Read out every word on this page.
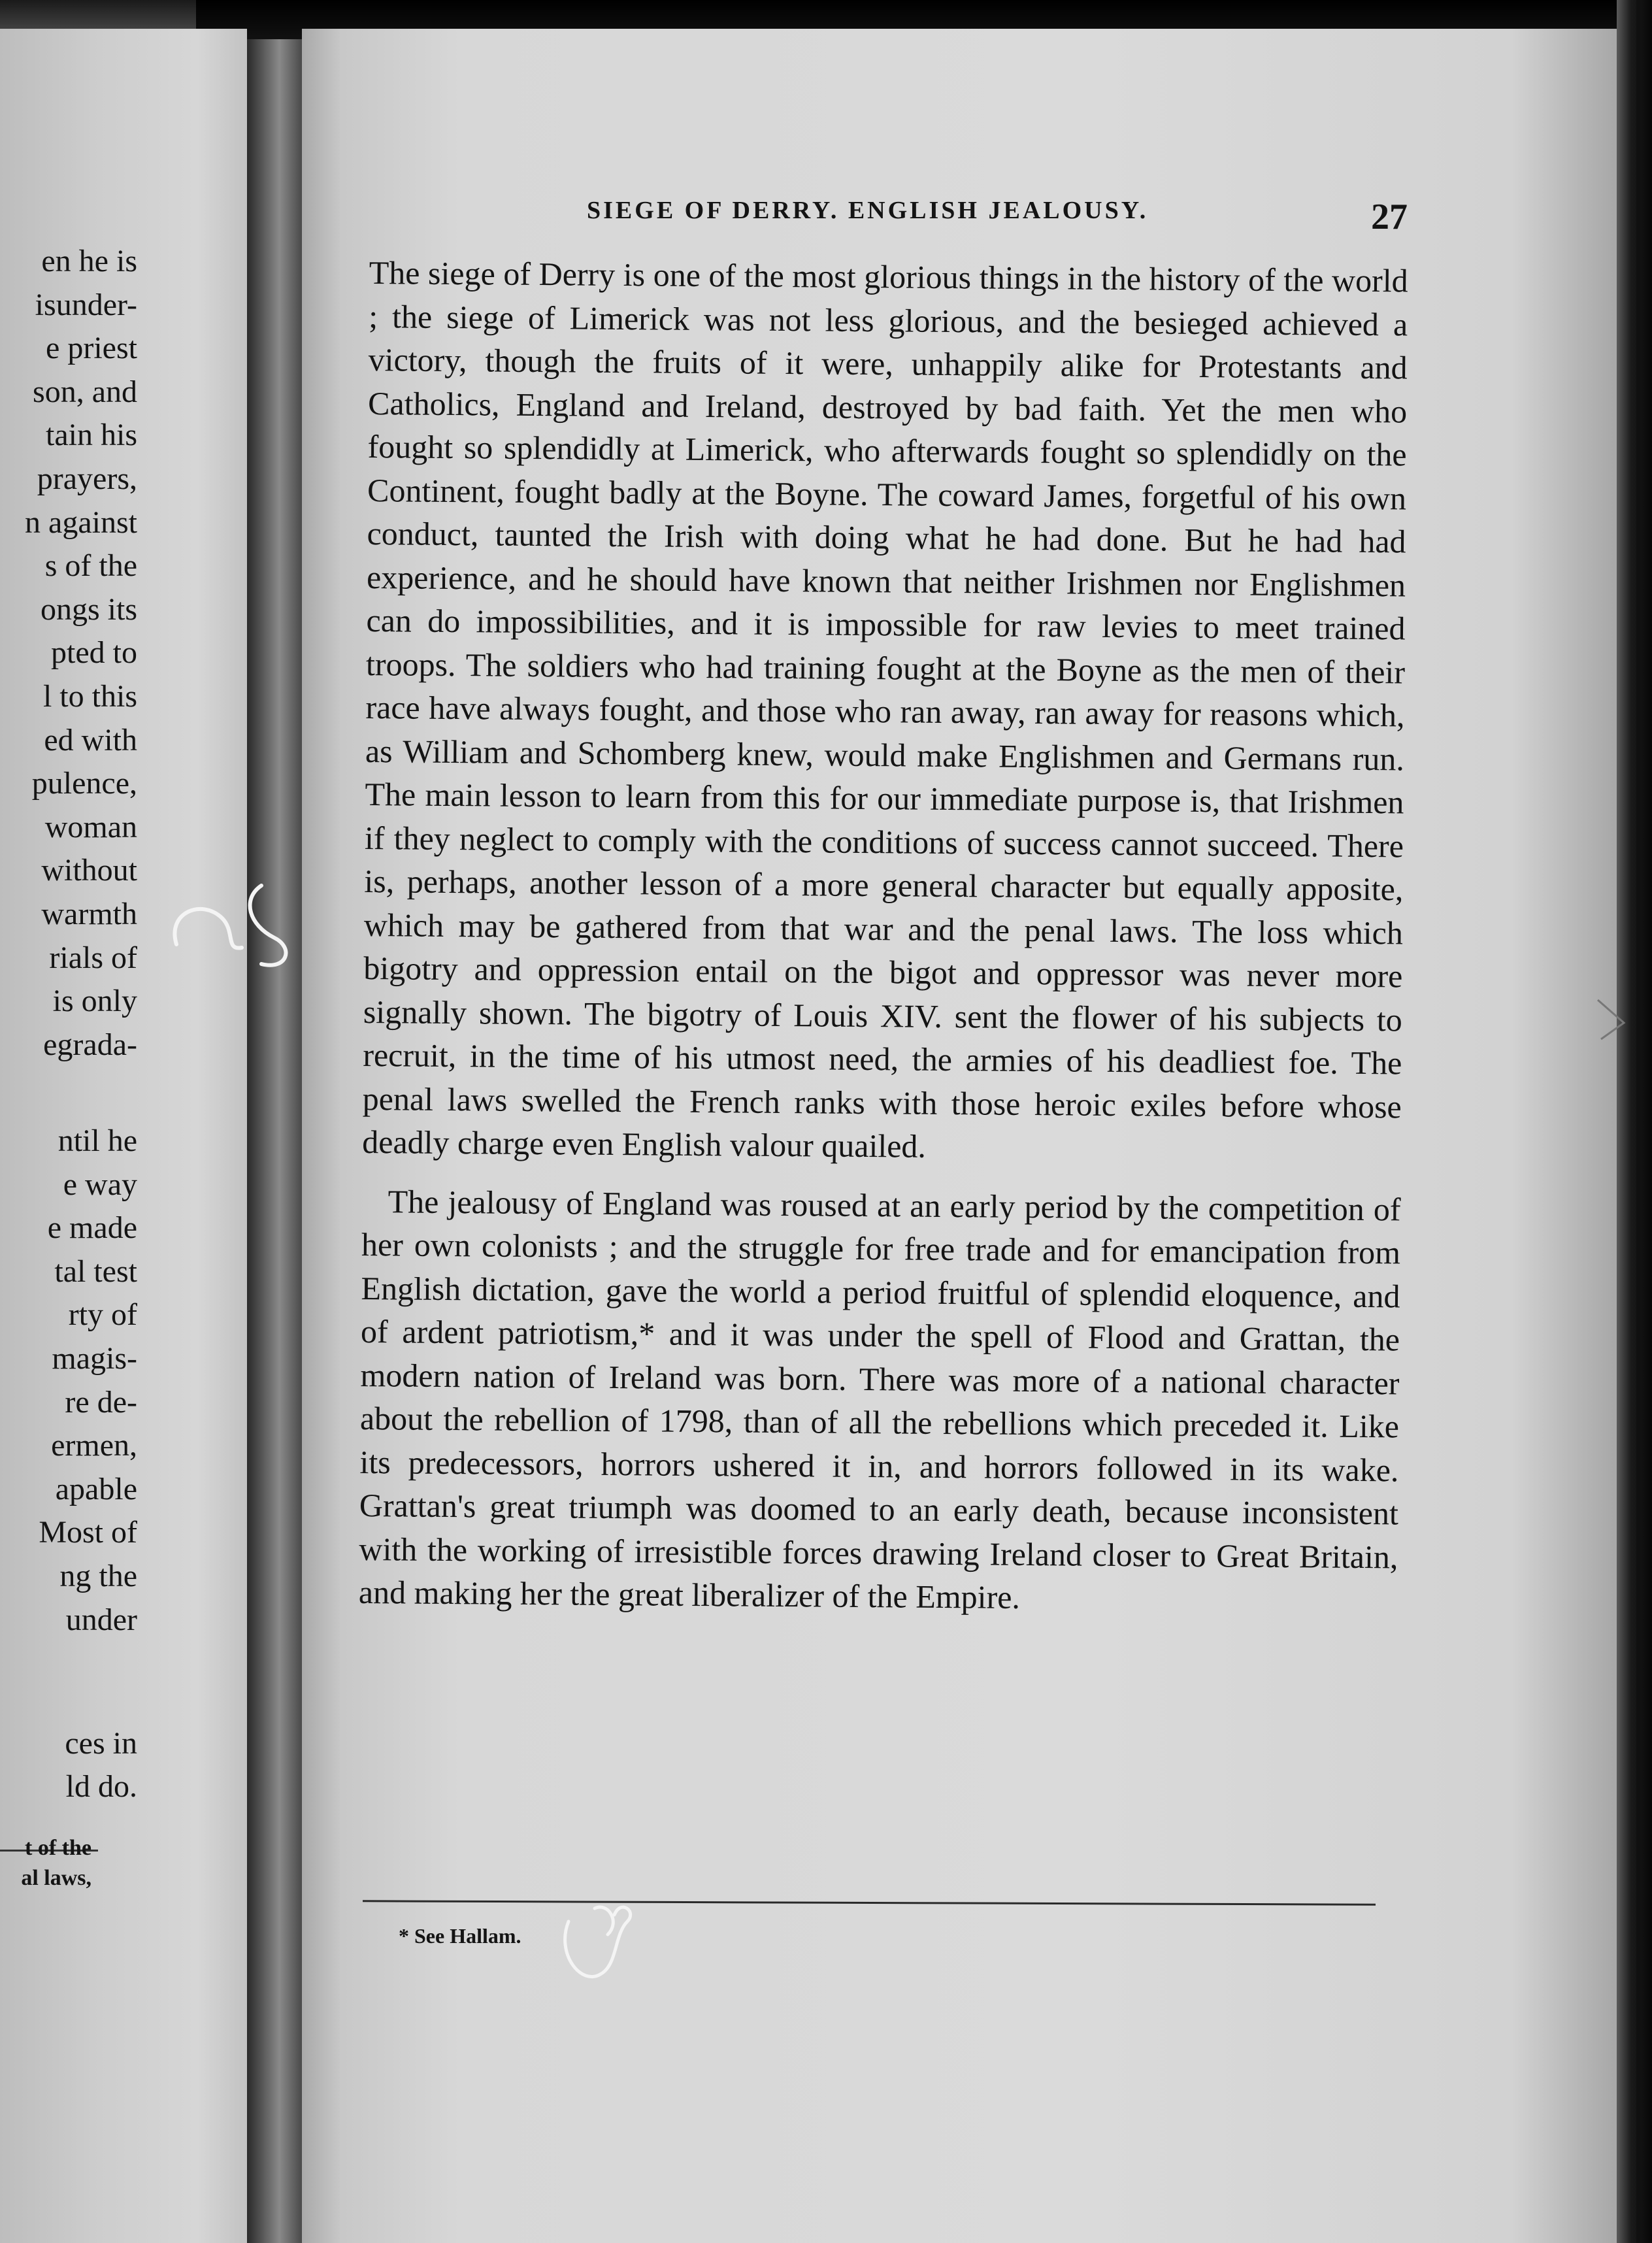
en he is
isunder-
e priest
son, and
tain his
prayers,
n against
s of the
ongs its
pted to
l to this
ed with
pulence,
woman
without
warmth
rials of
is only
egrada-
ntil he
e way
e made
tal test
rty of
magis-
re de-
ermen,
apable
Most of
ng the
under
ces in
ld do.
t of the
al laws,
SIEGE OF DERRY. ENGLISH JEALOUSY.	27

The siege of Derry is one of the most glorious things in the history of the world ; the siege of Limerick was not less glorious, and the besieged achieved a victory, though the fruits of it were, unhappily alike for Protestants and Catholics, England and Ireland, destroyed by bad faith. Yet the men who fought so splendidly at Limerick, who afterwards fought so splendidly on the Continent, fought badly at the Boyne. The coward James, forgetful of his own conduct, taunted the Irish with doing what he had done. But he had had experience, and he should have known that neither Irishmen nor Englishmen can do impossibilities, and it is impossible for raw levies to meet trained troops. The soldiers who had training fought at the Boyne as the men of their race have always fought, and those who ran away, ran away for reasons which, as William and Schomberg knew, would make Englishmen and Germans run. The main lesson to learn from this for our immediate purpose is, that Irishmen if they neglect to comply with the conditions of success cannot succeed. There is, perhaps, another lesson of a more general character but equally apposite, which may be gathered from that war and the penal laws. The loss which bigotry and oppression entail on the bigot and oppressor was never more signally shown. The bigotry of Louis XIV. sent the flower of his subjects to recruit, in the time of his utmost need, the armies of his deadliest foe. The penal laws swelled the French ranks with those heroic exiles before whose deadly charge even English valour quailed.

The jealousy of England was roused at an early period by the competition of her own colonists ; and the struggle for free trade and for emancipation from English dictation, gave the world a period fruitful of splendid eloquence, and of ardent patriotism,* and it was under the spell of Flood and Grattan, the modern nation of Ireland was born. There was more of a national character about the rebellion of 1798, than of all the rebellions which preceded it. Like its predecessors, horrors ushered it in, and horrors followed in its wake. Grattan's great triumph was doomed to an early death, because inconsistent with the working of irresistible forces drawing Ireland closer to Great Britain, and making her the great liberalizer of the Empire.

* See Hallam.
